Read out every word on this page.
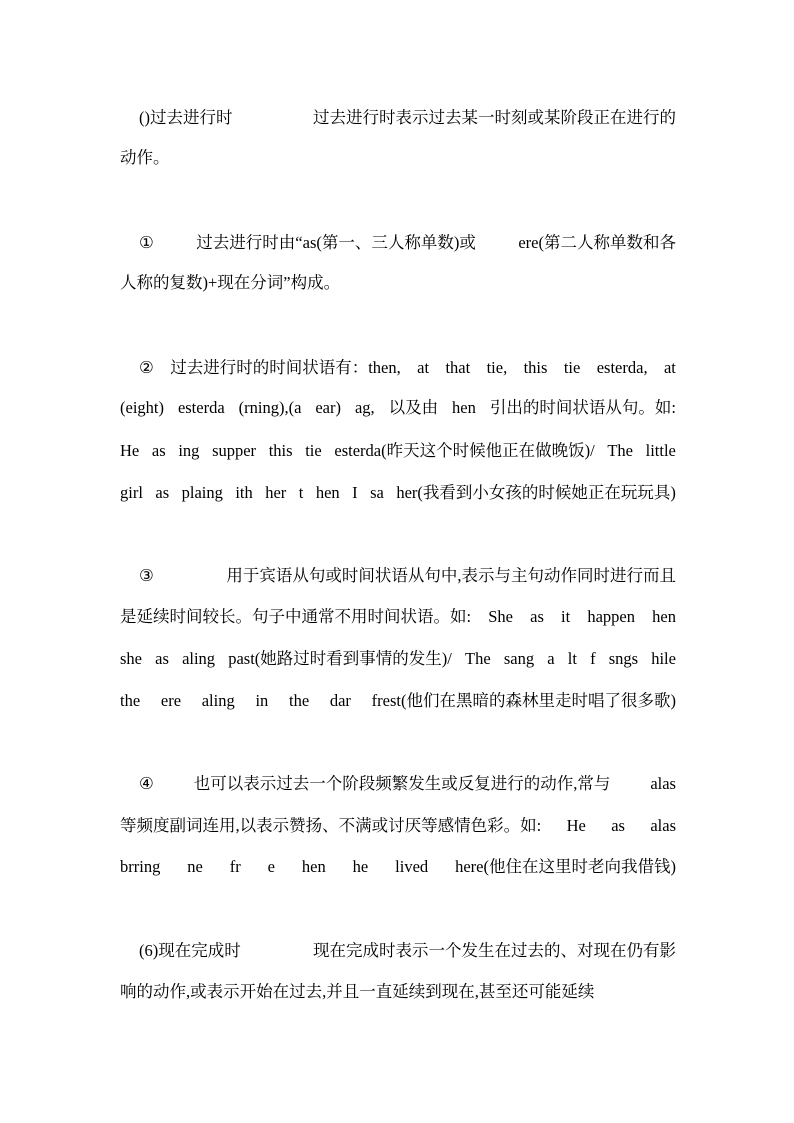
()过去进行时	过去进行时表示过去某一时刻或某阶段正在进行的
动作。
①	过去进行时由“as(第一、三人称单数)或	ere(第二人称单数和各
人称的复数)+现在分词”构成。
② 过去进行时的时间状语有：then, at that tie, this tie esterda, at
(eight) esterda (rning),(a ear) ag, 以及由 hen 引出的时间状语从句。如:
He as ing supper this tie esterda(昨天这个时候他正在做晚饭)/ The little
girl as plaing ith her t hen I sa her(我看到小女孩的时候她正在玩玩具)
③	用于宾语从句或时间状语从句中,表示与主句动作同时进行而且
是延续时间较长。句子中通常不用时间状语。如: She as it happen hen
she as aling past(她路过时看到事情的发生)/ The sang a lt f sngs hile
the ere aling in the dar frest(他们在黑暗的森林里走时唱了很多歌)
④ 也可以表示过去一个阶段频繁发生或反复进行的动作,常与 alas
等频度副词连用,以表示赞扬、不满或讨厌等感情色彩。如: He as alas
brring ne fr e hen he lived here(他住在这里时老向我借钱)
(6)现在完成时	现在完成时表示一个发生在过去的、对现在仍有影
响的动作,或表示开始在过去,并且一直延续到现在,甚至还可能延续
